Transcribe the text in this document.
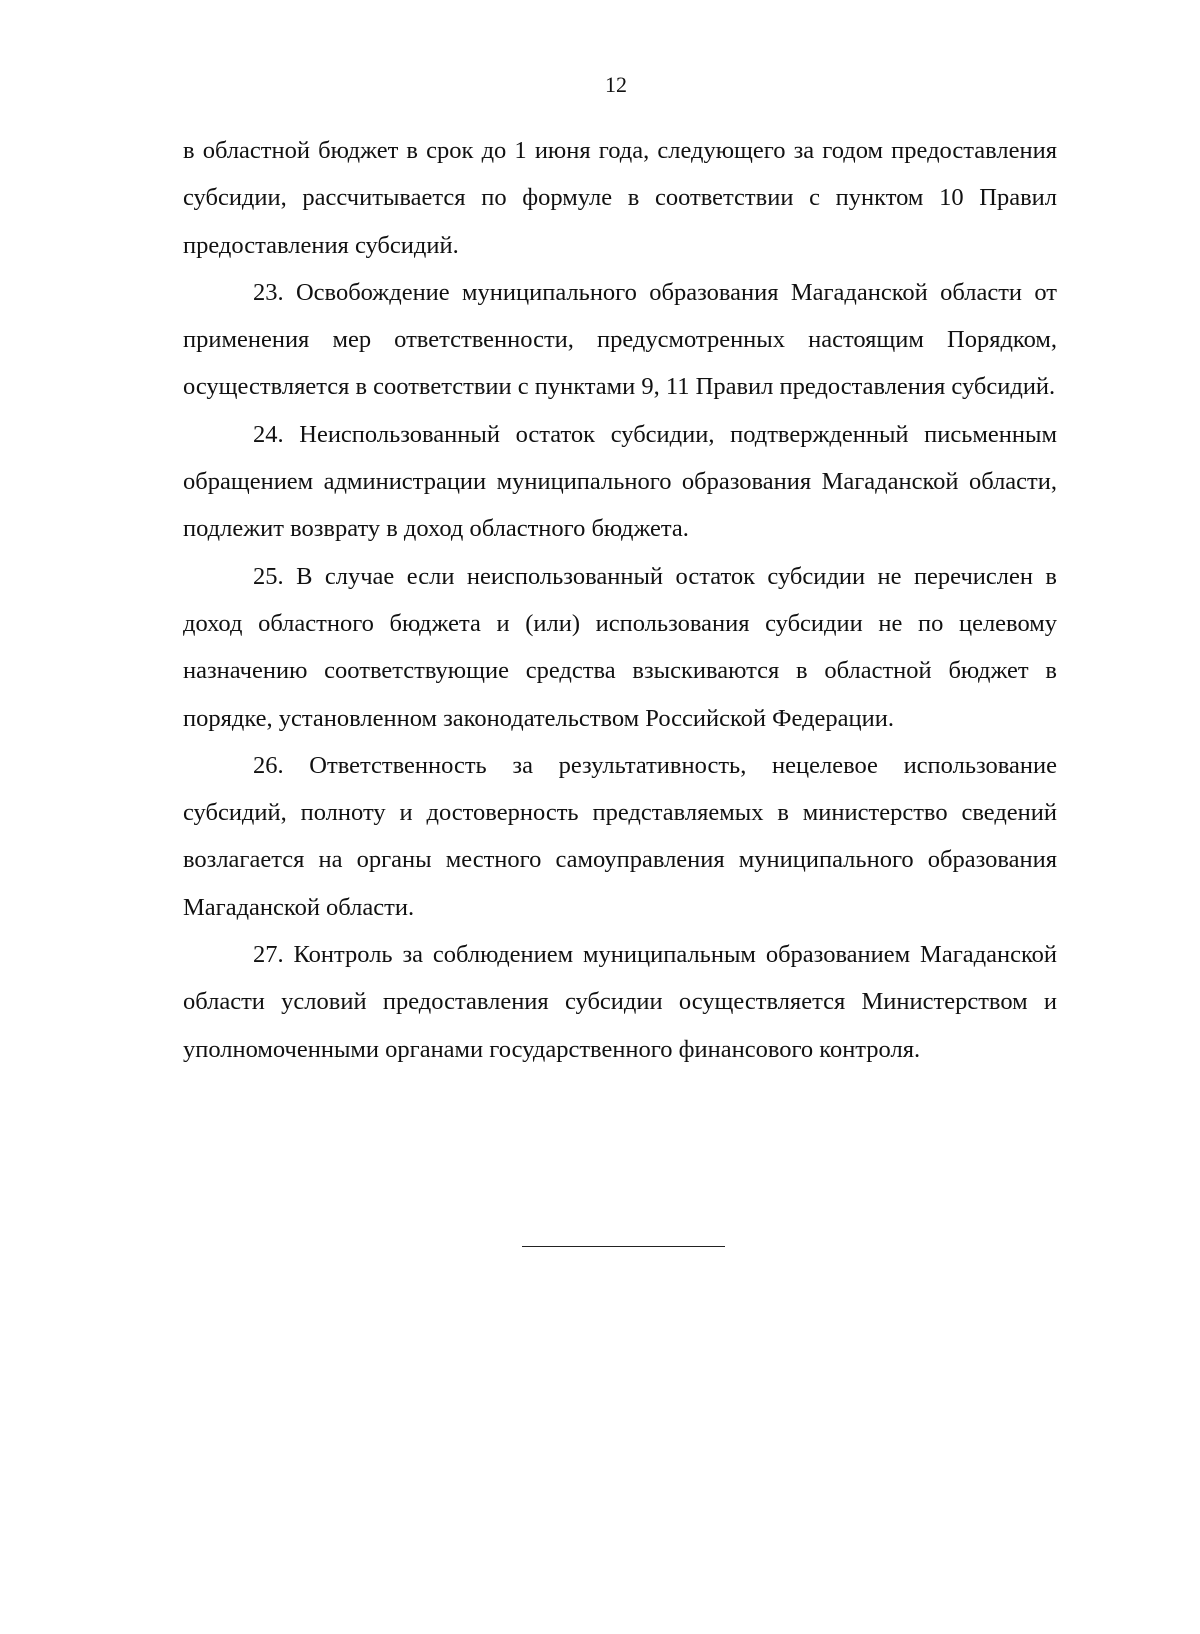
12

в областной бюджет в срок до 1 июня года, следующего за годом предоставления субсидии, рассчитывается по формуле в соответствии с пунктом 10 Правил предоставления субсидий.

23. Освобождение муниципального образования Магаданской области от применения мер ответственности, предусмотренных настоящим Порядком, осуществляется в соответствии с пунктами 9, 11 Правил предоставления субсидий.

24. Неиспользованный остаток субсидии, подтвержденный письменным обращением администрации муниципального образования Магаданской области, подлежит возврату в доход областного бюджета.

25. В случае если неиспользованный остаток субсидии не перечислен в доход областного бюджета и (или) использования субсидии не по целевому назначению соответствующие средства взыскиваются в областной бюджет в порядке, установленном законодательством Российской Федерации.

26. Ответственность за результативность, нецелевое использование субсидий, полноту и достоверность представляемых в министерство сведений возлагается на органы местного самоуправления муниципального образования Магаданской области.

27. Контроль за соблюдением муниципальным образованием Магаданской области условий предоставления субсидии осуществляется Министерством и уполномоченными органами государственного финансового контроля.
